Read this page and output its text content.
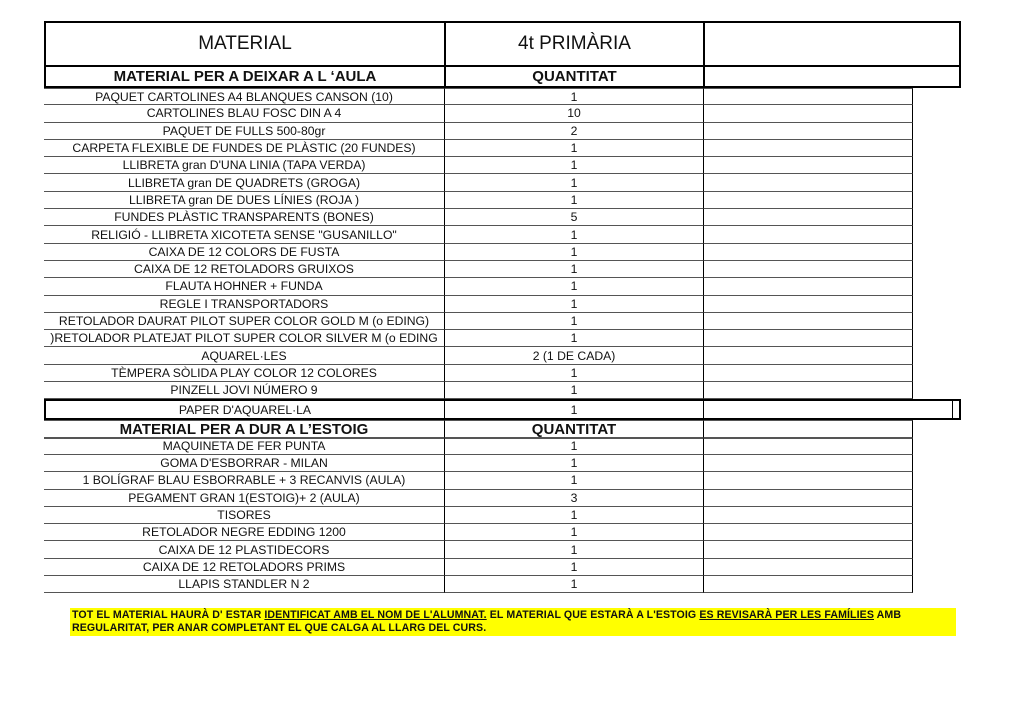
MATERIAL	4t PRIMÀRIA
MATERIAL PER A DEIXAR A L ‘AULA	QUANTITAT
PAQUET CARTOLINES A4 BLANQUES CANSON (10)	1
CARTOLINES BLAU FOSC DIN A 4	10
PAQUET DE FULLS 500-80gr	2
CARPETA FLEXIBLE DE FUNDES DE PLÀSTIC (20 FUNDES)	1
LLIBRETA gran D'UNA LINIA (TAPA VERDA)	1
LLIBRETA gran DE QUADRETS (GROGA)	1
LLIBRETA gran DE DUES LÍNIES (ROJA )	1
FUNDES PLÀSTIC TRANSPARENTS (BONES)	5
RELIGIÓ - LLIBRETA XICOTETA SENSE "GUSANILLO"	1
CAIXA DE 12 COLORS DE FUSTA	1
CAIXA DE 12 RETOLADORS GRUIXOS	1
FLAUTA HOHNER + FUNDA	1
REGLE I TRANSPORTADORS	1
RETOLADOR DAURAT PILOT SUPER COLOR GOLD M (o EDING)	1
)RETOLADOR PLATEJAT PILOT SUPER COLOR SILVER M (o EDING	1
AQUAREL·LES	2 (1 DE CADA)
TÈMPERA SÒLIDA PLAY COLOR 12 COLORES	1
PINZELL JOVI NÚMERO 9	1
PAPER D'AQUAREL·LA	1
MATERIAL PER A DUR A L’ESTOIG	QUANTITAT
MAQUINETA DE FER PUNTA	1
GOMA D'ESBORRAR - MILAN	1
1 BOLÍGRAF BLAU ESBORRABLE + 3 RECANVIS (AULA)	1
PEGAMENT GRAN 1(ESTOIG)+ 2 (AULA)	3
TISORES	1
RETOLADOR NEGRE EDDING 1200	1
CAIXA DE 12 PLASTIDECORS	1
CAIXA DE 12 RETOLADORS PRIMS	1
LLAPIS STANDLER N 2	1
TOT EL MATERIAL HAURÀ D' ESTAR IDENTIFICAT AMB EL NOM DE L'ALUMNAT. EL MATERIAL QUE ESTARÀ A L'ESTOIG ES REVISARÀ PER LES FAMÍLIES AMB REGULARITAT, PER ANAR COMPLETANT EL QUE CALGA AL LLARG DEL CURS.
